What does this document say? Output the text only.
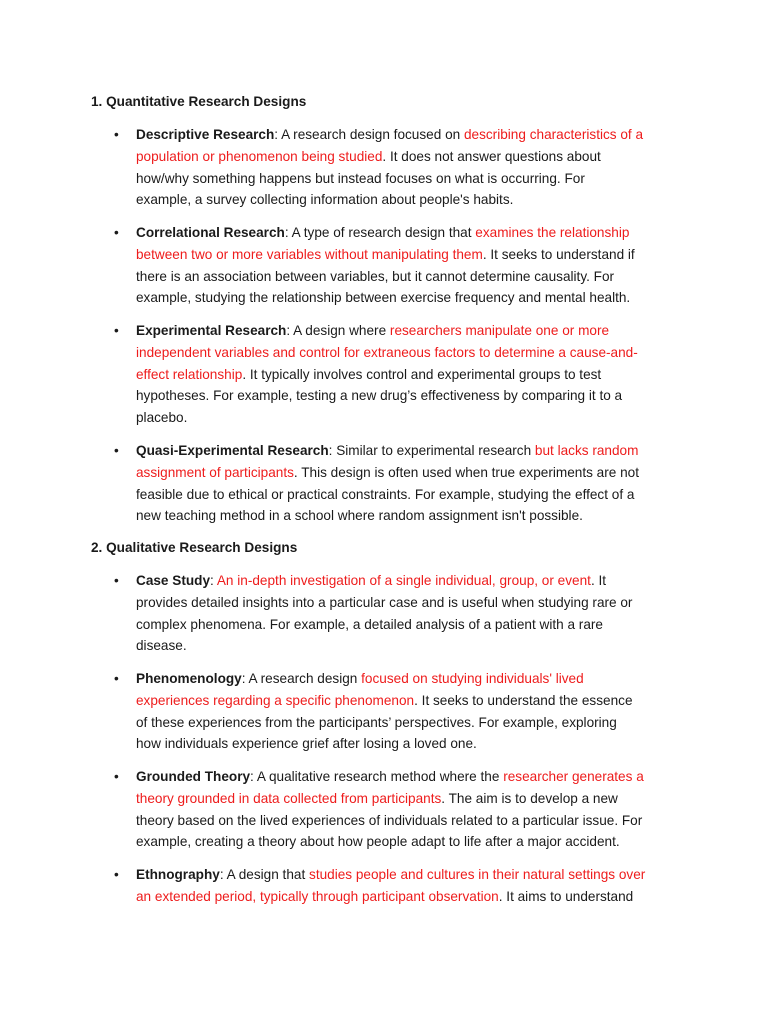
1. Quantitative Research Designs
• Descriptive Research: A research design focused on describing characteristics of a
population or phenomenon being studied. It does not answer questions about
how/why something happens but instead focuses on what is occurring. For
example, a survey collecting information about people's habits.
• Correlational Research: A type of research design that examines the relationship
between two or more variables without manipulating them. It seeks to understand if
there is an association between variables, but it cannot determine causality. For
example, studying the relationship between exercise frequency and mental health.
• Experimental Research: A design where researchers manipulate one or more
independent variables and control for extraneous factors to determine a cause-and-
effect relationship. It typically involves control and experimental groups to test
hypotheses. For example, testing a new drug’s effectiveness by comparing it to a
placebo.
• Quasi-Experimental Research: Similar to experimental research but lacks random
assignment of participants. This design is often used when true experiments are not
feasible due to ethical or practical constraints. For example, studying the effect of a
new teaching method in a school where random assignment isn't possible.
2. Qualitative Research Designs
• Case Study: An in-depth investigation of a single individual, group, or event. It
provides detailed insights into a particular case and is useful when studying rare or
complex phenomena. For example, a detailed analysis of a patient with a rare
disease.
• Phenomenology: A research design focused on studying individuals' lived
experiences regarding a specific phenomenon. It seeks to understand the essence
of these experiences from the participants’ perspectives. For example, exploring
how individuals experience grief after losing a loved one.
• Grounded Theory: A qualitative research method where the researcher generates a
theory grounded in data collected from participants. The aim is to develop a new
theory based on the lived experiences of individuals related to a particular issue. For
example, creating a theory about how people adapt to life after a major accident.
• Ethnography: A design that studies people and cultures in their natural settings over
an extended period, typically through participant observation. It aims to understand
